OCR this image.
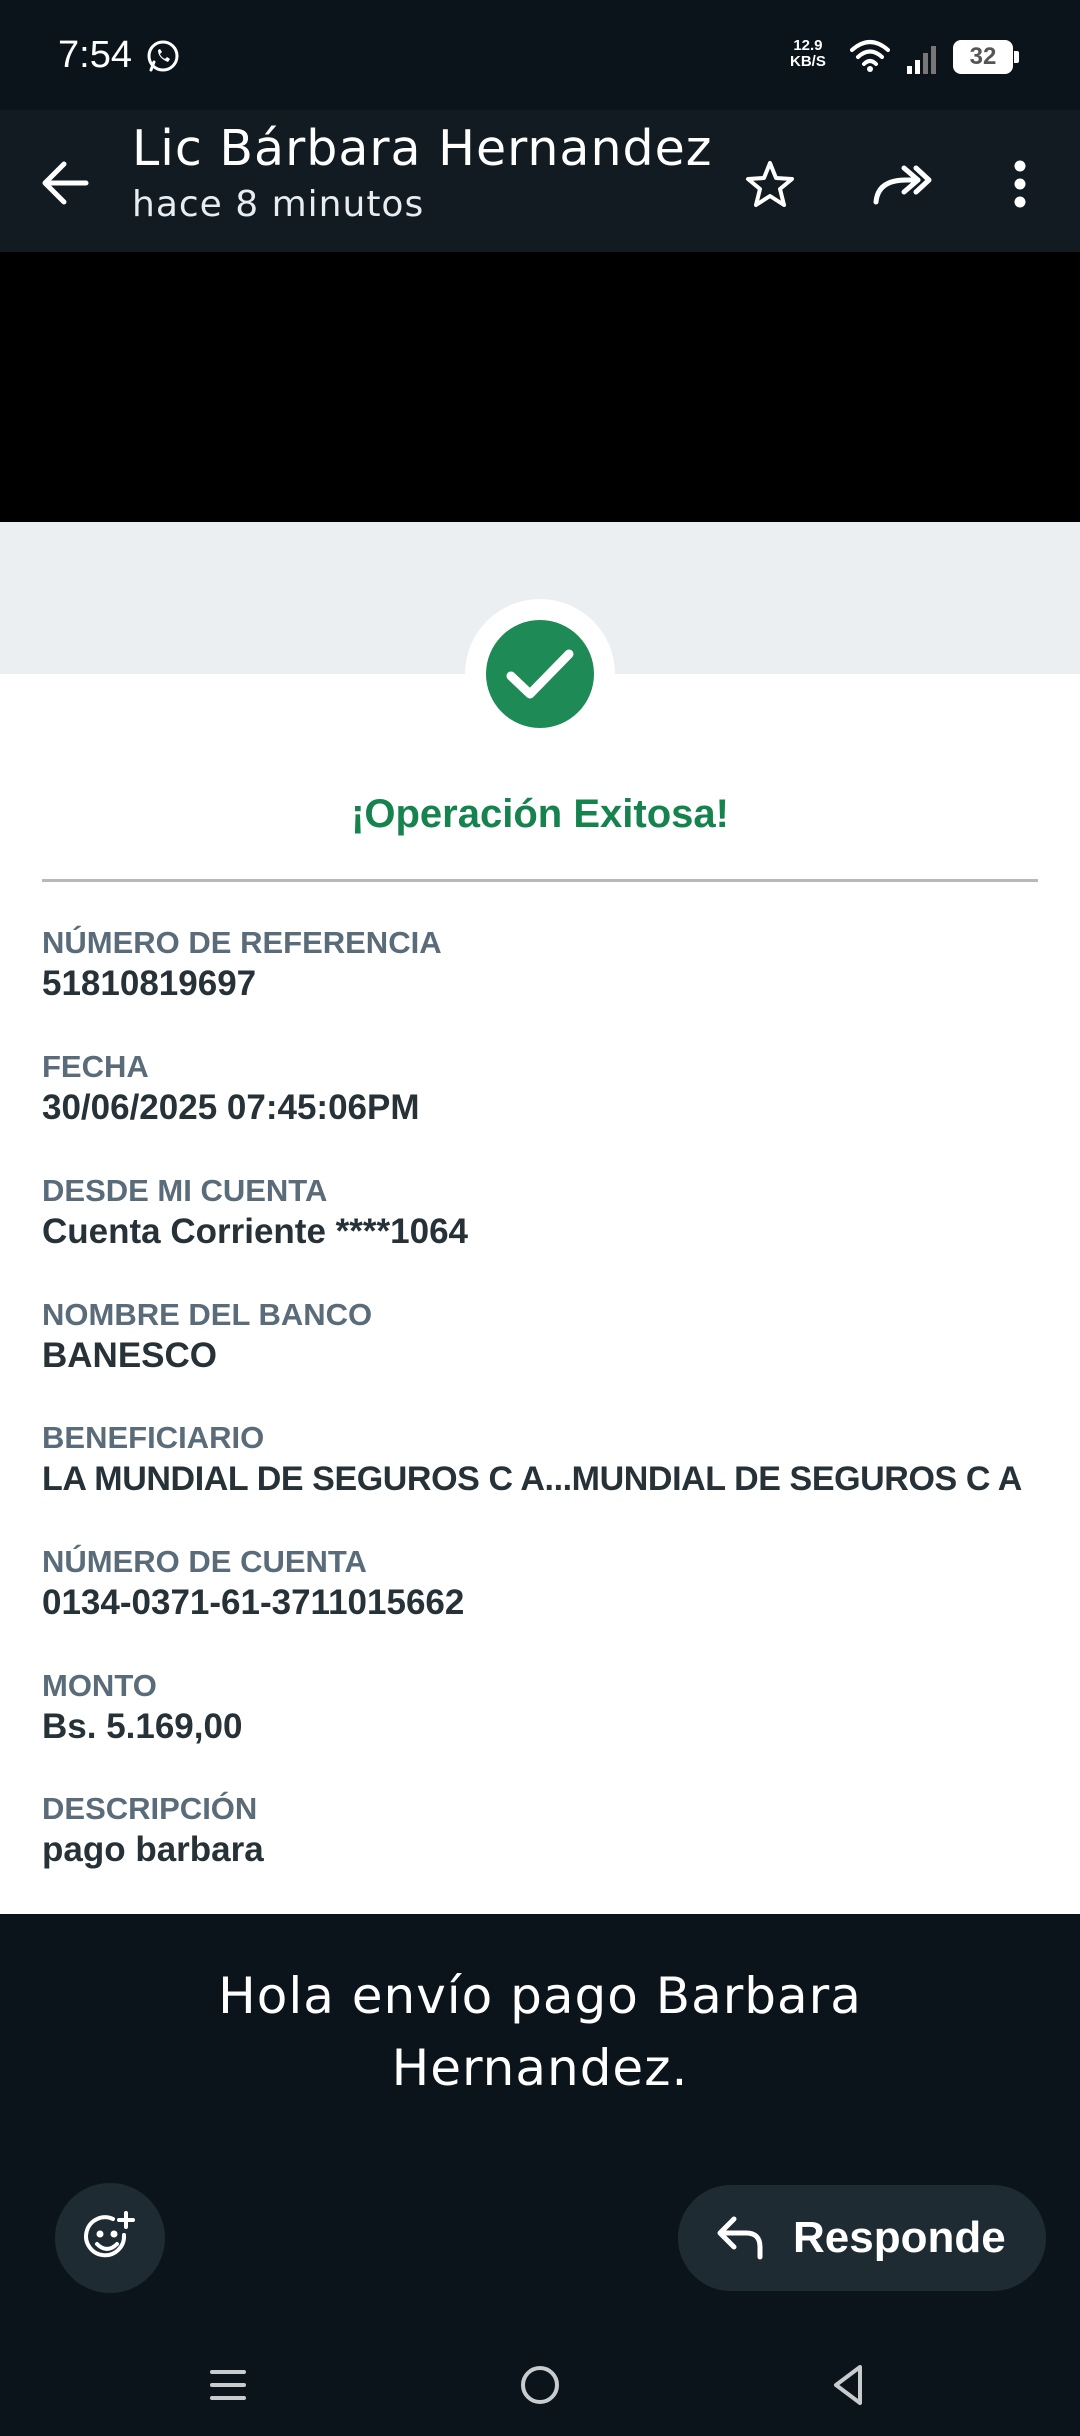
7:54	12.9
KB/S	32
Lic Bárbara Hernandez
hace 8 minutos
¡Operación Exitosa!
NÚMERO DE REFERENCIA
51810819697
FECHA
30/06/2025 07:45:06PM
DESDE MI CUENTA
Cuenta Corriente ****1064
NOMBRE DEL BANCO
BANESCO
BENEFICIARIO
LA MUNDIAL DE SEGUROS C A...MUNDIAL DE SEGUROS C A
NÚMERO DE CUENTA
0134-0371-61-3711015662
MONTO
Bs. 5.169,00
DESCRIPCIÓN
pago barbara
Hola envío pago Barbara
Hernandez.
Responde
